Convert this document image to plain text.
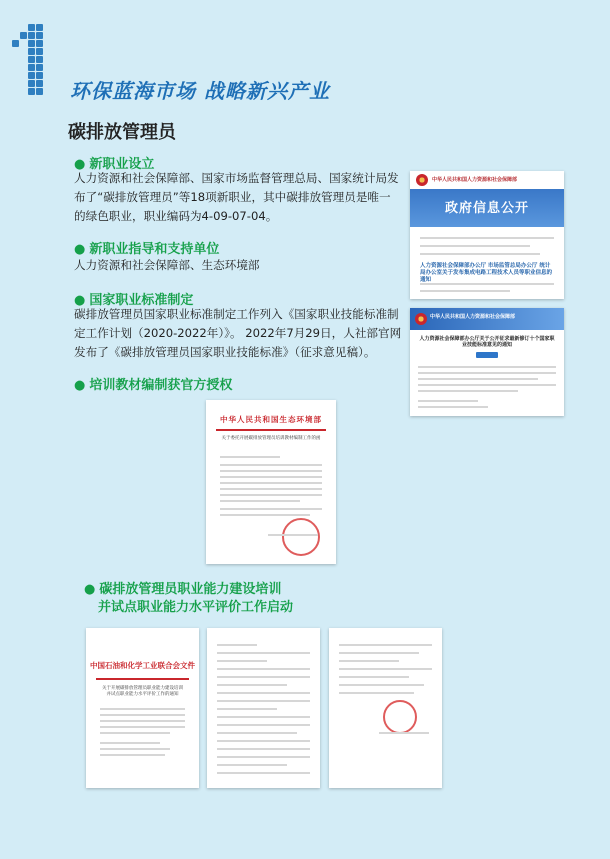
环保蓝海市场 战略新兴产业
碳排放管理员
● 新职业设立
人力资源和社会保障部、国家市场监督管理总局、国家统计局发布了“碳排放管理员”等18项新职业，其中碳排放管理员是唯一的绿色职业，职业编码为4-09-07-04。
● 新职业指导和支持单位
人力资源和社会保障部、生态环境部
● 国家职业标准制定
碳排放管理员国家职业标准制定工作列入《国家职业技能标准制定工作计划（2020-2022年）》。 2022年7月29日，人社部官网发布了《碳排放管理员国家职业技能标准》（征求意见稿）。
● 培训教材编制获官方授权
中华人民共和国人力资源和社会保障部
政府信息公开
人力资源社会保障部办公厅 市场监管总局办公厅 统计局办公室关于发布集成电路工程技术人员等职业信息的通知
中华人民共和国人力资源和社会保障部
人力资源社会保障部办公厅关于公开征求最新修订十个国家职业技能标准意见的通知
中华人民共和国生态环境部
关于委托开展碳排放管理员培训教材编制工作的函
● 碳排放管理员职业能力建设培训
并试点职业能力水平评价工作启动
中国石油和化学工业联合会文件
关于开展碳排放管理员职业能力建设培训并试点职业能力水平评价工作的通知
